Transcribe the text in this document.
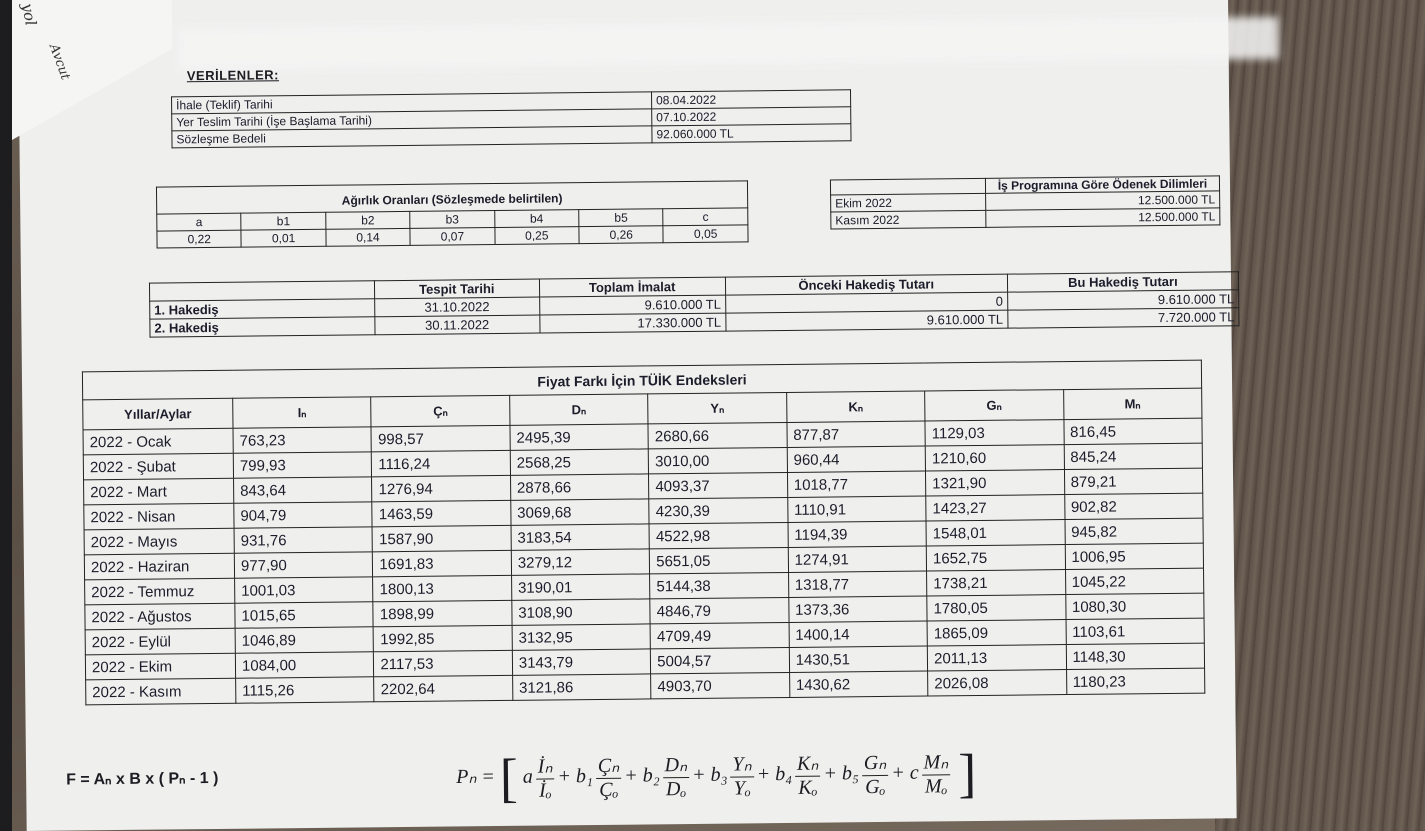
VERİLENLER:
İhale (Teklif) Tarihi	08.04.2022
Yer Teslim Tarihi (İşe Başlama Tarihi)	07.10.2022
Sözleşme Bedeli	92.060.000 TL
Ağırlık Oranları (Sözleşmede belirtilen)						
a	b1	b2	b3	b4	b5	c
0,22	0,01	0,14	0,07	0,25	0,26	0,05
	İş Programına Göre Ödenek Dilimleri
Ekim 2022	12.500.000 TL
Kasım 2022	12.500.000 TL
	Tespit Tarihi	Toplam İmalat	Önceki Hakediş Tutarı	Bu Hakediş Tutarı
1. Hakediş	31.10.2022	9.610.000 TL	0	9.610.000 TL
2. Hakediş	30.11.2022	17.330.000 TL	9.610.000 TL	7.720.000 TL
Fiyat Farkı İçin TÜİK Endeksleri							
Yıllar/Aylar	Iₙ	Çₙ	Dₙ	Yₙ	Kₙ	Gₙ	Mₙ
2022 - Ocak	763,23	998,57	2495,39	2680,66	877,87	1129,03	816,45
2022 - Şubat	799,93	1116,24	2568,25	3010,00	960,44	1210,60	845,24
2022 - Mart	843,64	1276,94	2878,66	4093,37	1018,77	1321,90	879,21
2022 - Nisan	904,79	1463,59	3069,68	4230,39	1110,91	1423,27	902,82
2022 - Mayıs	931,76	1587,90	3183,54	4522,98	1194,39	1548,01	945,82
2022 - Haziran	977,90	1691,83	3279,12	5651,05	1274,91	1652,75	1006,95
2022 - Temmuz	1001,03	1800,13	3190,01	5144,38	1318,77	1738,21	1045,22
2022 - Ağustos	1015,65	1898,99	3108,90	4846,79	1373,36	1780,05	1080,30
2022 - Eylül	1046,89	1992,85	3132,95	4709,49	1400,14	1865,09	1103,61
2022 - Ekim	1084,00	2117,53	3143,79	5004,57	1430,51	2011,13	1148,30
2022 - Kasım	1115,26	2202,64	3121,86	4903,70	1430,62	2026,08	1180,23
F = Aₙ x B x ( Pₙ - 1 )	Pₙ = [ a $\frac{\text{İₙ}}{\text{İₒ}} + b_1 \frac{\text{Çₙ}}{\text{Çₒ}} + b_2 \frac{\text{Dₙ}}{\text{Dₒ}} + b_3 \frac{\text{Yₙ}}{\text{Yₒ}} + b_4 \frac{\text{Kₙ}}{\text{Kₒ}} + b_5 \frac{\text{Gₙ}}{\text{Gₒ}} + c \frac{\text{Mₙ}}{\text{Mₒ}}$ ]
yol
Avcut
